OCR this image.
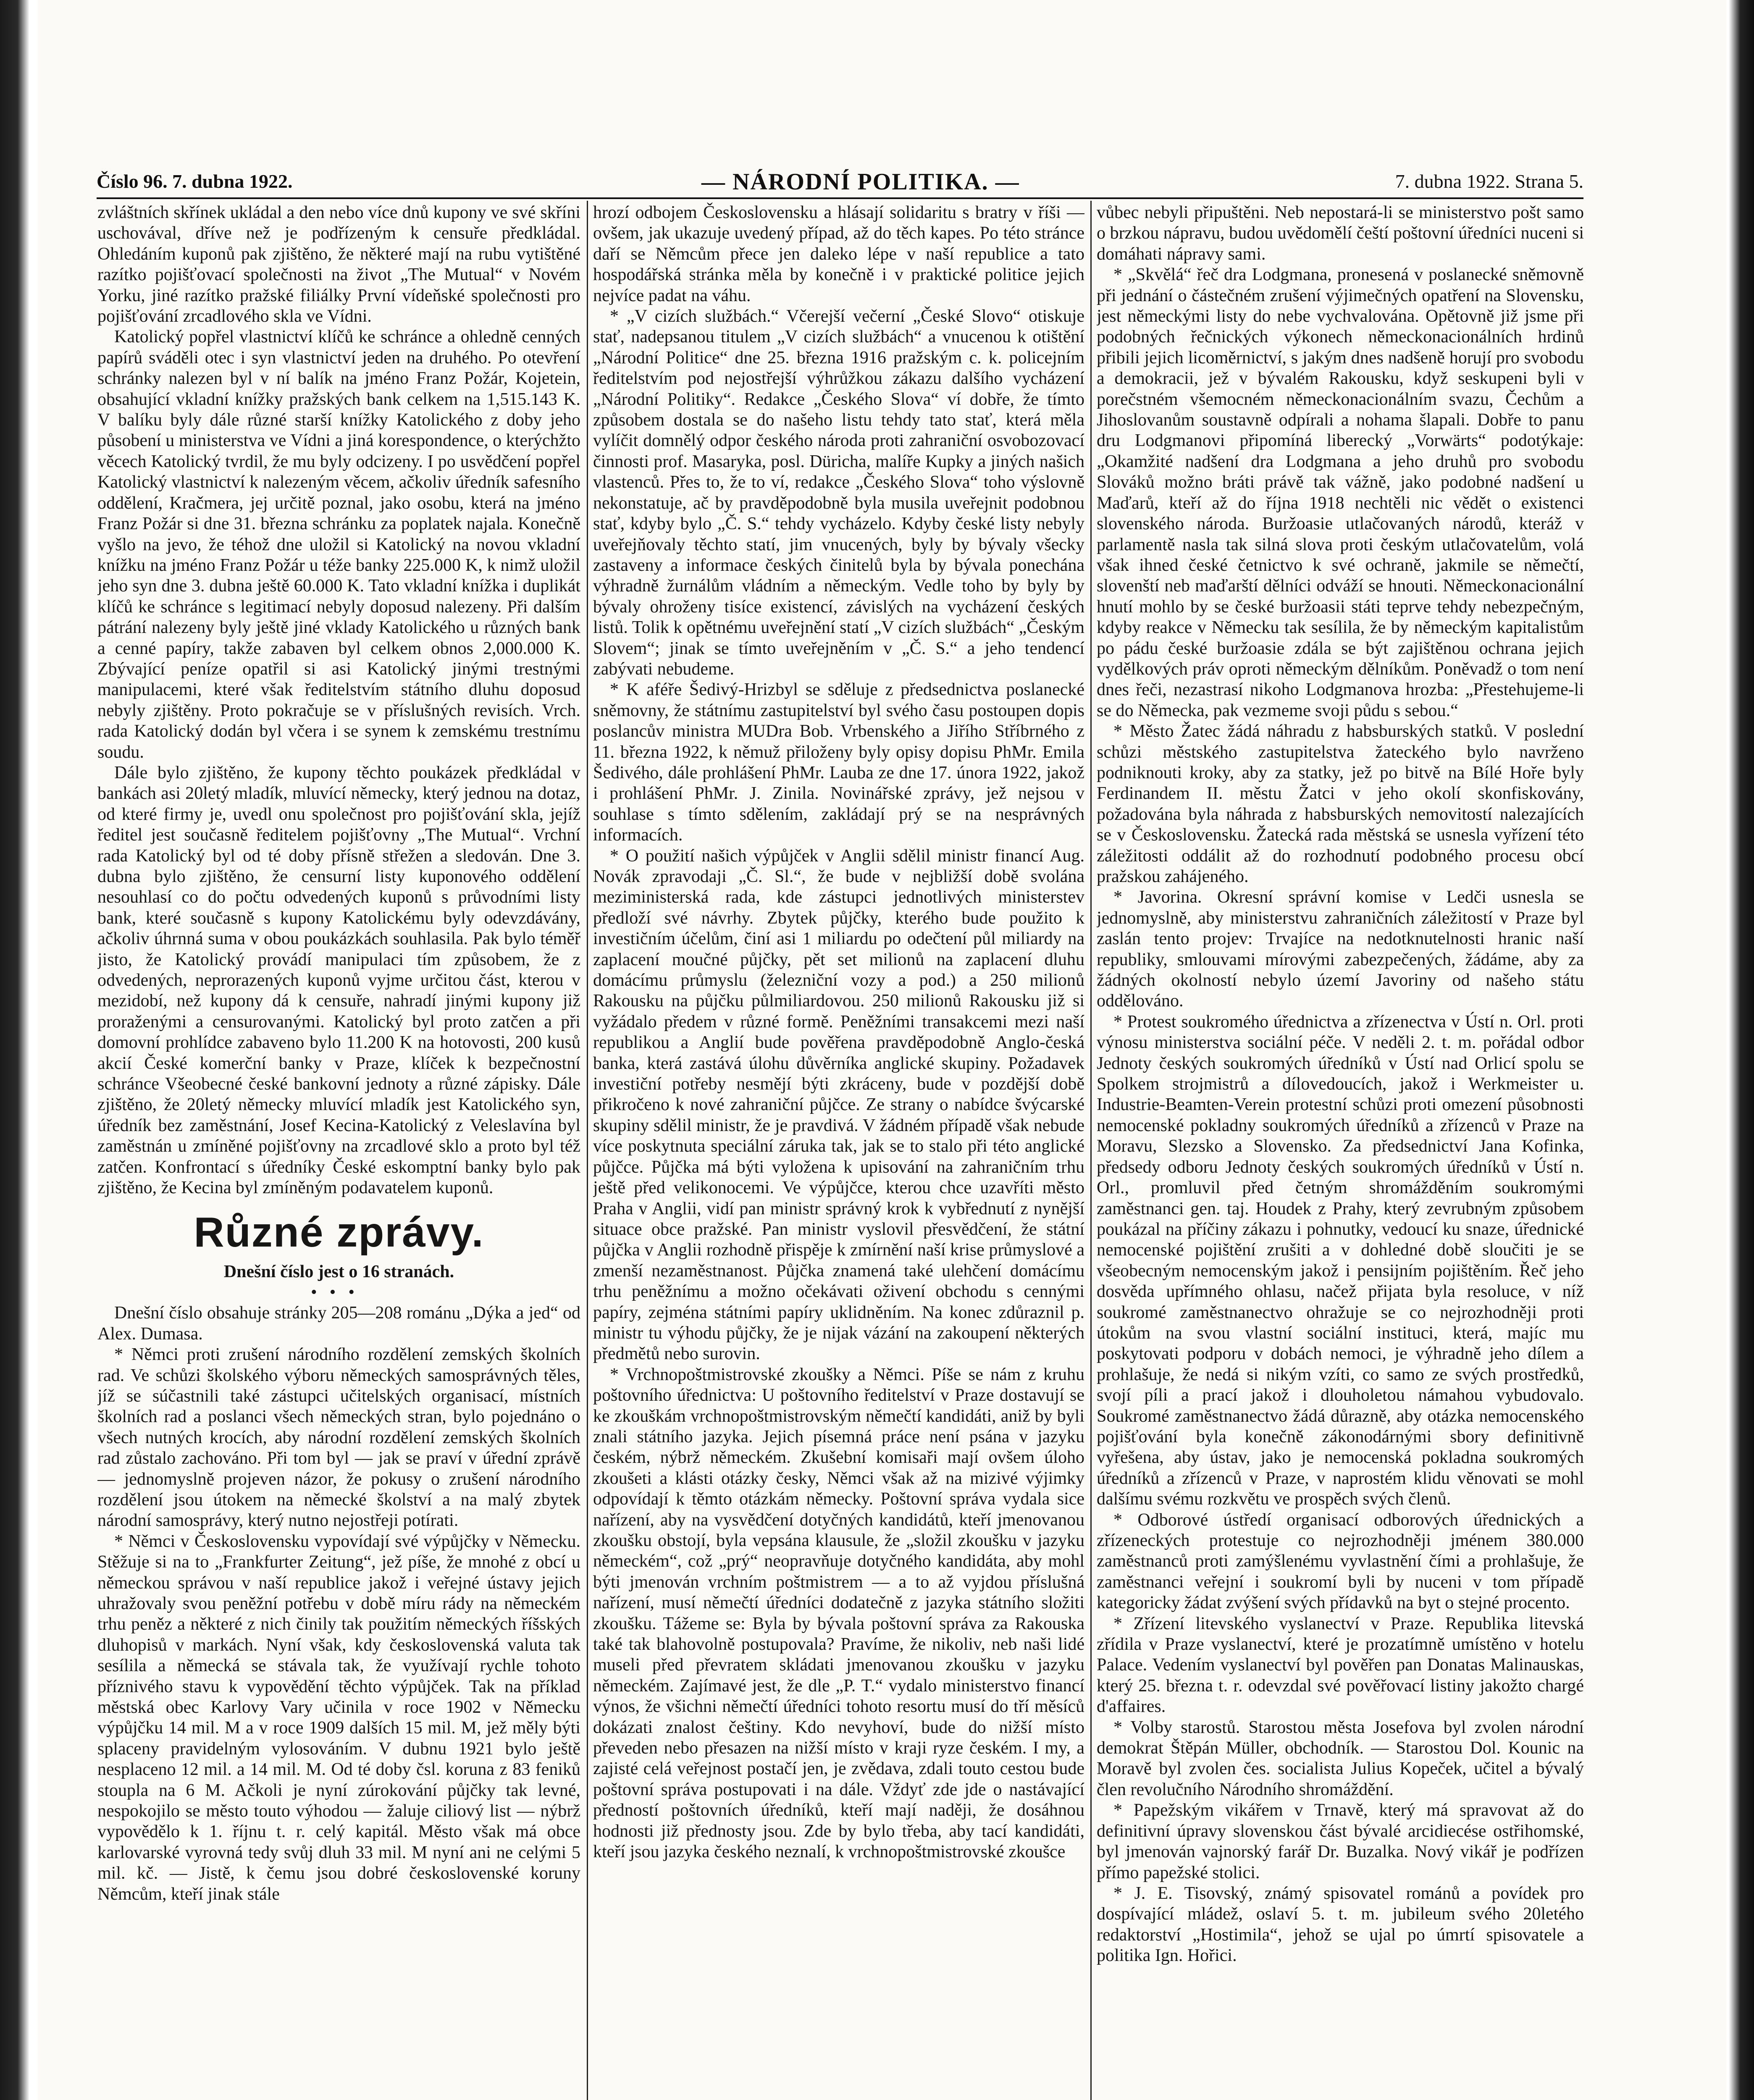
Číslo 96. 7. dubna 1922.	— NÁRODNÍ POLITIKA. —	7. dubna 1922. Strana 5.

zvláštních skřínek ukládal a den nebo více dnů kupony ve své skříni uschovával, dříve než je podřízeným k censuře předkládal. Ohledáním kuponů pak zjištěno, že některé mají na rubu vytištěné razítko pojišťovací společnosti na život „The Mutual“ v Novém Yorku, jiné razítko pražské filiálky První vídeňské společnosti pro pojišťování zrcadlového skla ve Vídni.

Katolický popřel vlastnictví klíčů ke schránce a ohledně cenných papírů sváděli otec i syn vlastnictví jeden na druhého. Po otevření schránky nalezen byl v ní balík na jméno Franz Požár, Kojetein, obsahující vkladní knížky pražských bank celkem na 1,515.143 K. V balíku byly dále různé starší knížky Katolického z doby jeho působení u ministerstva ve Vídni a jiná korespondence, o kterýchžto věcech Katolický tvrdil, že mu byly odcizeny. I po usvědčení popřel Katolický vlastnictví k nalezeným věcem, ačkoliv úředník safesního oddělení, Kračmera, jej určitě poznal, jako osobu, která na jméno Franz Požár si dne 31. března schránku za poplatek najala. Konečně vyšlo na jevo, že téhož dne uložil si Katolický na novou vkladní knížku na jméno Franz Požár u téže banky 225.000 K, k nimž uložil jeho syn dne 3. dubna ještě 60.000 K. Tato vkladní knížka i duplikát klíčů ke schránce s legitimací nebyly doposud nalezeny. Při dalším pátrání nalezeny byly ještě jiné vklady Katolického u různých bank a cenné papíry, takže zabaven byl celkem obnos 2,000.000 K. Zbývající peníze opatřil si asi Katolický jinými trestnými manipulacemi, které však ředitelstvím státního dluhu doposud nebyly zjištěny. Proto pokračuje se v příslušných revisích. Vrch. rada Katolický dodán byl včera i se synem k zemskému trestnímu soudu.

Dále bylo zjištěno, že kupony těchto poukázek předkládal v bankách asi 20letý mladík, mluvící německy, který jednou na dotaz, od které firmy je, uvedl onu společnost pro pojišťování skla, jejíž ředitel jest současně ředitelem pojišťovny „The Mutual“. Vrchní rada Katolický byl od té doby přísně střežen a sledován. Dne 3. dubna bylo zjištěno, že censurní listy kuponového oddělení nesouhlasí co do počtu odvedených kuponů s průvodními listy bank, které současně s kupony Katolickému byly odevzdávány, ačkoliv úhrnná suma v obou poukázkách souhlasila. Pak bylo téměř jisto, že Katolický provádí manipulaci tím způsobem, že z odvedených, neprorazených kuponů vyjme určitou část, kterou v mezidobí, než kupony dá k censuře, nahradí jinými kupony již proraženými a censurovanými. Katolický byl proto zatčen a při domovní prohlídce zabaveno bylo 11.200 K na hotovosti, 200 kusů akcií České komerční banky v Praze, klíček k bezpečnostní schránce Všeobecné české bankovní jednoty a různé zápisky. Dále zjištěno, že 20letý německy mluvící mladík jest Katolického syn, úředník bez zaměstnání, Josef Kecina-Katolický z Veleslavína byl zaměstnán u zmíněné pojišťovny na zrcadlové sklo a proto byl též zatčen. Konfrontací s úředníky České eskomptní banky bylo pak zjištěno, že Kecina byl zmíněným podavatelem kuponů.

Různé zprávy.

Dnešní číslo jest o 16 stranách.

•••

Dnešní číslo obsahuje stránky 205—208 románu „Dýka a jed“ od Alex. Dumasa.

* Němci proti zrušení národního rozdělení zemských školních rad. Ve schůzi školského výboru německých samosprávných těles, jíž se súčastnili také zástupci učitelských organisací, místních školních rad a poslanci všech německých stran, bylo pojednáno o všech nutných krocích, aby národní rozdělení zemských školních rad zůstalo zachováno. Při tom byl — jak se praví v úřední zprávě — jednomyslně projeven názor, že pokusy o zrušení národního rozdělení jsou útokem na německé školství a na malý zbytek národní samosprávy, který nutno nejostřeji potírati.

* Němci v Československu vypovídají své výpůjčky v Německu. Stěžuje si na to „Frankfurter Zeitung“, jež píše, že mnohé z obcí u německou správou v naší republice jakož i veřejné ústavy jejich uhražovaly svou peněžní potřebu v době míru rády na německém trhu peněz a některé z nich činily tak použitím německých říšských dluhopisů v markách. Nyní však, kdy československá valuta tak sesílila a německá se stávala tak, že využívají rychle tohoto příznivého stavu k vypovědění těchto výpůjček. Tak na příklad městská obec Karlovy Vary učinila v roce 1902 v Německu výpůjčku 14 mil. M a v roce 1909 dalších 15 mil. M, jež měly býti splaceny pravidelným vylosováním. V dubnu 1921 bylo ještě nesplaceno 12 mil. a 14 mil. M. Od té doby čsl. koruna z 83 feniků stoupla na 6 M. Ačkoli je nyní zúrokování půjčky tak levné, nespokojilo se město touto výhodou — žaluje ciliový list — nýbrž vypovědělo k 1. říjnu t. r. celý kapitál. Město však má obce karlovarské vyrovná tedy svůj dluh 33 mil. M nyní ani ne celými 5 mil. kč. — Jistě, k čemu jsou dobré československé koruny Němcům, kteří jinak stále

hrozí odbojem Československu a hlásají solidaritu s bratry v říši — ovšem, jak ukazuje uvedený případ, až do těch kapes. Po této stránce daří se Němcům přece jen daleko lépe v naší republice a tato hospodářská stránka měla by konečně i v praktické politice jejich nejvíce padat na váhu.

* „V cizích službách.“ Včerejší večerní „České Slovo“ otiskuje stať, nadepsanou titulem „V cizích službách“ a vnucenou k otištění „Národní Politice“ dne 25. března 1916 pražským c. k. policejním ředitelstvím pod nejostřejší výhrůžkou zákazu dalšího vycházení „Národní Politiky“. Redakce „Českého Slova“ ví dobře, že tímto způsobem dostala se do našeho listu tehdy tato stať, která měla vylíčit domnělý odpor českého národa proti zahraniční osvobozovací činnosti prof. Masaryka, posl. Düricha, malíře Kupky a jiných našich vlastenců. Přes to, že to ví, redakce „Českého Slova“ toho výslovně nekonstatuje, ač by pravděpodobně byla musila uveřejnit podobnou stať, kdyby bylo „Č. S.“ tehdy vycházelo. Kdyby české listy nebyly uveřejňovaly těchto statí, jim vnucených, byly by bývaly všecky zastaveny a informace českých činitelů byla by bývala ponechána výhradně žurnálům vládním a německým. Vedle toho by byly by bývaly ohroženy tisíce existencí, závislých na vycházení českých listů. Tolik k opětnému uveřejnění statí „V cizích službách“ „Českým Slovem“; jinak se tímto uveřejněním v „Č. S.“ a jeho tendencí zabývati nebudeme.

* K aféře Šedivý-Hrizbyl se sděluje z předsednictva poslanecké sněmovny, že státnímu zastupitelství byl svého času postoupen dopis poslancův ministra MUDra Bob. Vrbenského a Jiřího Stříbrného z 11. března 1922, k němuž přiloženy byly opisy dopisu PhMr. Emila Šedivého, dále prohlášení PhMr. Lauba ze dne 17. února 1922, jakož i prohlášení PhMr. J. Zinila. Novinářské zprávy, jež nejsou v souhlase s tímto sdělením, zakládají prý se na nesprávných informacích.

* O použití našich výpůjček v Anglii sdělil ministr financí Aug. Novák zpravodaji „Č. Sl.“, že bude v nejbližší době svolána meziministerská rada, kde zástupci jednotlivých ministerstev předloží své návrhy. Zbytek půjčky, kterého bude použito k investičním účelům, činí asi 1 miliardu po odečtení půl miliardy na zaplacení moučné půjčky, pět set milionů na zaplacení dluhu domácímu průmyslu (železniční vozy a pod.) a 250 milionů Rakousku na půjčku půlmiliardovou. 250 milionů Rakousku již si vyžádalo předem v různé formě. Peněžními transakcemi mezi naší republikou a Anglií bude pověřena pravděpodobně Anglo-česká banka, která zastává úlohu důvěrníka anglické skupiny. Požadavek investiční potřeby nesmějí býti zkráceny, bude v pozdější době přikročeno k nové zahraniční půjčce. Ze strany o nabídce švýcarské skupiny sdělil ministr, že je pravdivá. V žádném případě však nebude více poskytnuta speciální záruka tak, jak se to stalo při této anglické půjčce. Půjčka má býti vyložena k upisování na zahraničním trhu ještě před velikonocemi. Ve výpůjčce, kterou chce uzavříti město Praha v Anglii, vidí pan ministr správný krok k vybřednutí z nynější situace obce pražské. Pan ministr vyslovil přesvědčení, že státní půjčka v Anglii rozhodně přispěje k zmírnění naší krise průmyslové a zmenší nezaměstnanost. Půjčka znamená také ulehčení domácímu trhu peněžnímu a možno očekávati oživení obchodu s cennými papíry, zejména státními papíry uklidněním. Na konec zdůraznil p. ministr tu výhodu půjčky, že je nijak vázání na zakoupení některých předmětů nebo surovin.

* Vrchnopoštmistrovské zkoušky a Němci. Píše se nám z kruhu poštovního úřednictva: U poštovního ředitelství v Praze dostavují se ke zkouškám vrchnopoštmistrovským němečtí kandidáti, aniž by byli znali státního jazyka. Jejich písemná práce není psána v jazyku českém, nýbrž německém. Zkušební komisaři mají ovšem úloho zkoušeti a klásti otázky česky, Němci však až na mizivé výjimky odpovídají k těmto otázkám německy. Poštovní správa vydala sice nařízení, aby na vysvědčení dotyčných kandidátů, kteří jmenovanou zkoušku obstojí, byla vepsána klausule, že „složil zkoušku v jazyku německém“, což „prý“ neopravňuje dotyčného kandidáta, aby mohl býti jmenován vrchním poštmistrem — a to až vyjdou příslušná nařízení, musí němečtí úředníci dodatečně z jazyka státního složiti zkoušku. Tážeme se: Byla by bývala poštovní správa za Rakouska také tak blahovolně postupovala? Pravíme, že nikoliv, neb naši lidé museli před převratem skládati jmenovanou zkoušku v jazyku německém. Zajímavé jest, že dle „P. T.“ vydalo ministerstvo financí výnos, že všichni němečtí úředníci tohoto resortu musí do tří měsíců dokázati znalost češtiny. Kdo nevyhoví, bude do nižší místo převeden nebo přesazen na nižší místo v kraji ryze českém. I my, a zajisté celá veřejnost postačí jen, je zvědava, zdali touto cestou bude poštovní správa postupovati i na dále. Vždyť zde jde o nastávající předností poštovních úředníků, kteří mají naději, že dosáhnou hodnosti již přednosty jsou. Zde by bylo třeba, aby tací kandidáti, kteří jsou jazyka českého neznalí, k vrchnopoštmistrovské zkoušce

vůbec nebyli připuštěni. Neb nepostará-li se ministerstvo pošt samo o brzkou nápravu, budou uvědomělí čeští poštovní úředníci nuceni si domáhati nápravy sami.

* „Skvělá“ řeč dra Lodgmana, pronesená v poslanecké sněmovně při jednání o částečném zrušení výjimečných opatření na Slovensku, jest německými listy do nebe vychvalována. Opětovně již jsme při podobných řečnických výkonech německonacionálních hrdinů přibili jejich licoměrnictví, s jakým dnes nadšeně horují pro svobodu a demokracii, jež v bývalém Rakousku, když seskupeni byli v porečstném všemocném německonacionálním svazu, Čechům a Jihoslovanům soustavně odpírali a nohama šlapali. Dobře to panu dru Lodgmanovi připomíná liberecký „Vorwärts“ podotýkaje: „Okamžité nadšení dra Lodgmana a jeho druhů pro svobodu Slováků možno bráti právě tak vážně, jako podobné nadšení u Maďarů, kteří až do října 1918 nechtěli nic vědět o existenci slovenského národa. Buržoasie utlačovaných národů, kteráž v parlamentě nasla tak silná slova proti českým utlačovatelům, volá však ihned české četnictvo k své ochraně, jakmile se němečtí, slovenští neb maďarští dělníci odváží se hnouti. Německonacionální hnutí mohlo by se české buržoasii státi teprve tehdy nebezpečným, kdyby reakce v Německu tak sesílila, že by německým kapitalistům po pádu české buržoasie zdála se být zajištěnou ochrana jejich vydělkových práv oproti německým dělníkům. Poněvadž o tom není dnes řeči, nezastrasí nikoho Lodgmanova hrozba: „Přestehujeme-li se do Německa, pak vezmeme svoji půdu s sebou.“

* Město Žatec žádá náhradu z habsburských statků. V poslední schůzi městského zastupitelstva žateckého bylo navrženo podniknouti kroky, aby za statky, jež po bitvě na Bílé Hoře byly Ferdinandem II. městu Žatci v jeho okolí skonfiskovány, požadována byla náhrada z habsburských nemovitostí nalezajících se v Československu. Žatecká rada městská se usnesla vyřízení této záležitosti oddálit až do rozhodnutí podobného procesu obcí pražskou zahájeného.

* Javorina. Okresní správní komise v Ledči usnesla se jednomyslně, aby ministerstvu zahraničních záležitostí v Praze byl zaslán tento projev: Trvajíce na nedotknutelnosti hranic naší republiky, smlouvami mírovými zabezpečených, žádáme, aby za žádných okolností nebylo území Javoriny od našeho státu oddělováno.

* Protest soukromého úřednictva a zřízenectva v Ústí n. Orl. proti výnosu ministerstva sociální péče. V neděli 2. t. m. pořádal odbor Jednoty českých soukromých úředníků v Ústí nad Orlicí spolu se Spolkem strojmistrů a dílovedoucích, jakož i Werkmeister u. Industrie-Beamten-Verein protestní schůzi proti omezení působnosti nemocenské pokladny soukromých úředníků a zřízenců v Praze na Moravu, Slezsko a Slovensko. Za předsednictví Jana Kofinka, předsedy odboru Jednoty českých soukromých úředníků v Ústí n. Orl., promluvil před četným shromážděním soukromými zaměstnanci gen. taj. Houdek z Prahy, který zevrubným způsobem poukázal na příčiny zákazu i pohnutky, vedoucí ku snaze, úřednické nemocenské pojištění zrušiti a v dohledné době sloučiti je se všeobecným nemocenským jakož i pensijním pojištěním. Řeč jeho dosvěda upřímného ohlasu, načež přijata byla resoluce, v níž soukromé zaměstnanectvo ohražuje se co nejrozhodněji proti útokům na svou vlastní sociální instituci, která, majíc mu poskytovati podporu v dobách nemoci, je výhradně jeho dílem a prohlašuje, že nedá si nikým vzíti, co samo ze svých prostředků, svojí píli a prací jakož i dlouholetou námahou vybudovalo. Soukromé zaměstnanectvo žádá důrazně, aby otázka nemocenského pojišťování byla konečně zákonodárnými sbory definitivně vyřešena, aby ústav, jako je nemocenská pokladna soukromých úředníků a zřízenců v Praze, v naprostém klidu věnovati se mohl dalšímu svému rozkvětu ve prospěch svých členů.

* Odborové ústředí organisací odborových úřednických a zřízeneckých protestuje co nejrozhodněji jménem 380.000 zaměstnanců proti zamýšlenému vyvlastnění čími a prohlašuje, že zaměstnanci veřejní i soukromí byli by nuceni v tom případě kategoricky žádat zvýšení svých přídavků na byt o stejné procento.

* Zřízení litevského vyslanectví v Praze. Republika litevská zřídila v Praze vyslanectví, které je prozatímně umístěno v hotelu Palace. Vedením vyslanectví byl pověřen pan Donatas Malinauskas, který 25. března t. r. odevzdal své pověřovací listiny jakožto chargé d'affaires.

* Volby starostů. Starostou města Josefova byl zvolen národní demokrat Štěpán Müller, obchodník. — Starostou Dol. Kounic na Moravě byl zvolen čes. socialista Julius Kopeček, učitel a bývalý člen revolučního Národního shromáždění.

* Papežským vikářem v Trnavě, který má spravovat až do definitivní úpravy slovenskou část bývalé arcidiecése ostřihomské, byl jmenován vajnorský farář Dr. Buzalka. Nový vikář je podřízen přímo papežské stolici.

* J. E. Tisovský, známý spisovatel románů a povídek pro dospívající mládež, oslaví 5. t. m. jubileum svého 20letého redaktorství „Hostimila“, jehož se ujal po úmrtí spisovatele a politika Ign. Hořici.
